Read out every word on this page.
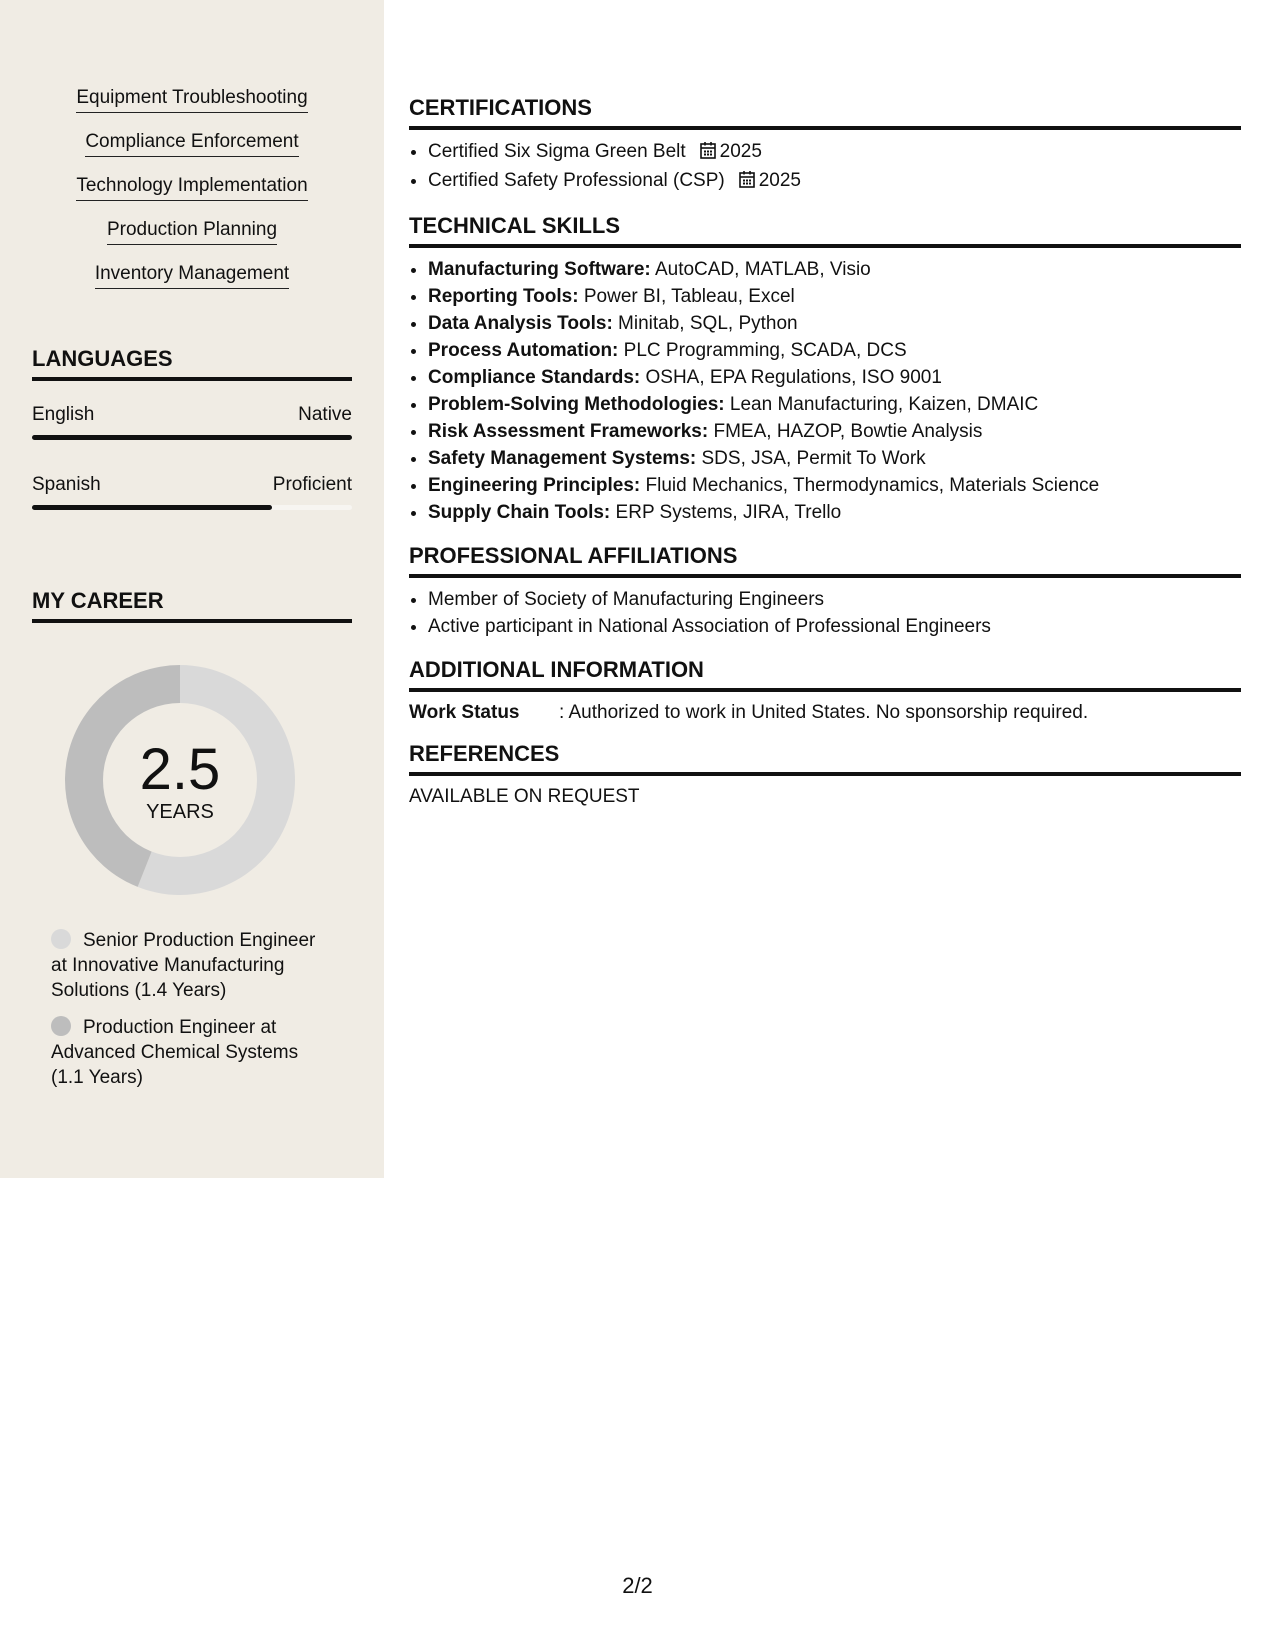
Equipment Troubleshooting
Compliance Enforcement
Technology Implementation
Production Planning
Inventory Management
LANGUAGES
English	Native
Spanish	Proficient
MY CAREER
2.5
YEARS
Senior Production Engineer at Innovative Manufacturing Solutions (1.4 Years)
Production Engineer at Advanced Chemical Systems (1.1 Years)
CERTIFICATIONS
• Certified Six Sigma Green Belt 2025
• Certified Safety Professional (CSP) 2025
TECHNICAL SKILLS
• Manufacturing Software: AutoCAD, MATLAB, Visio
• Reporting Tools: Power BI, Tableau, Excel
• Data Analysis Tools: Minitab, SQL, Python
• Process Automation: PLC Programming, SCADA, DCS
• Compliance Standards: OSHA, EPA Regulations, ISO 9001
• Problem-Solving Methodologies: Lean Manufacturing, Kaizen, DMAIC
• Risk Assessment Frameworks: FMEA, HAZOP, Bowtie Analysis
• Safety Management Systems: SDS, JSA, Permit To Work
• Engineering Principles: Fluid Mechanics, Thermodynamics, Materials Science
• Supply Chain Tools: ERP Systems, JIRA, Trello
PROFESSIONAL AFFILIATIONS
• Member of Society of Manufacturing Engineers
• Active participant in National Association of Professional Engineers
ADDITIONAL INFORMATION
Work Status : Authorized to work in United States. No sponsorship required.
REFERENCES
AVAILABLE ON REQUEST
2/2
